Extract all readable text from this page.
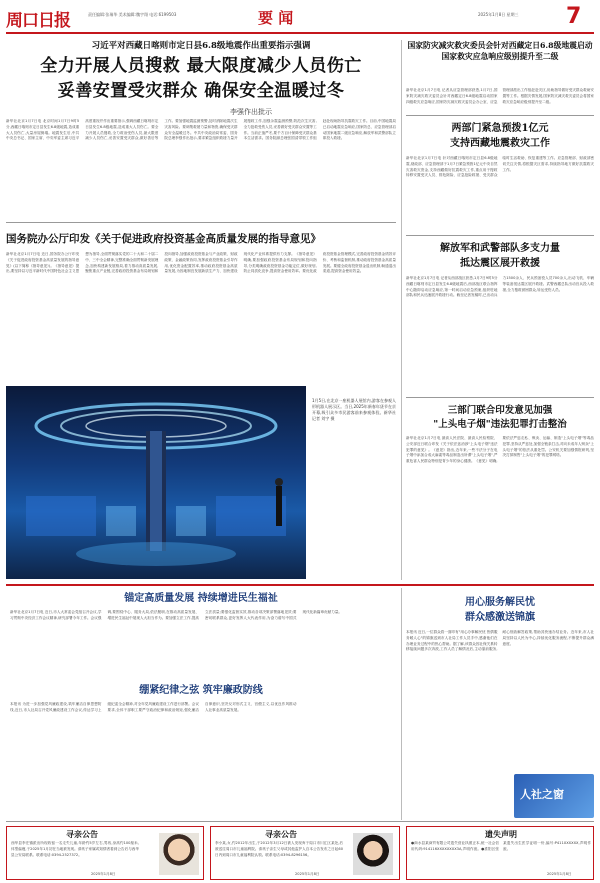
周口日报	责任编辑:张瑞华 美术编辑:魏宇翔 电话:6199503	要 闻	2025年1月8日 星期三 7
习近平对西藏日喀则市定日县6.8级地震作出重要指示强调
全力开展人员搜救 最大限度减少人员伤亡
妥善安置受灾群众 确保安全温暖过冬
李强作出批示
新华社北京1月7日电 北京时间1月7日9时5分,西藏日喀则市定日县发生6.8级地震,造成重大人员伤亡,大量房屋倒塌。地震发生后,中共中央总书记、国家主席、中央军委主席习近平高度重视并作出重要指示,强调西藏日喀则市定日县发生6.8级地震,造成重大人员伤亡。要全力开展人员搜救,全力救治受伤人员,最大限度减少人员伤亡,妥善安置受灾群众,做好善后等工作。要加强地震监测预警,及时消除地震次生灾害风险。要调集救援力量和物资,确保受灾群众安全温暖过冬。中共中央政治局常委、国务院总理李强作出批示,要求紧急组织救援力量开展搜救工作,加强余震监测预警,防范次生灾害,全力抢救受伤人员,妥善做好受灾群众安置等工作。当前正值严冬,要千方百计保障受灾群众基本生活需求。国务院副总理张国清带领工作组赶赴现场指导抗震救灾工作。目前,中国地震局已启动地震应急响应,国家防总、应急管理部启动国家地震二级应急响应,解放军和武警部队立即投入救援。
国家防灾减灾救灾委员会针对西藏定日6.8级地震启动国家救灾应急响应级别提升至二级
新华社北京1月7日电 记者从应急管理部获悉,1月7日,国家防灾减灾救灾委员会针对西藏定日6.8级地震启动国家四级救灾应急响应,国家防灾减灾救灾委员会办公室、应急管理部派出工作组赶赴灾区,协助指导做好受灾群众救助安置等工作。根据灾情发展,国家防灾减灾救灾委员会将国家救灾应急响应级别提升至二级。
两部门紧急预拨1亿元
支持西藏地震救灾工作
新华社北京1月7日电 针对西藏日喀则市定日县6.8级地震,财政部、应急管理部于1月7日紧急预拨1亿元中央自然灾害救灾资金,支持西藏做好抗震救灾工作,重点用于搜救转移安置受灾人员、排危除险、应急抢险救援、受灾群众临时生活救助、恢复重建等工作。应急管理部、财政部密切关注灾情,将根据灾区需求,持续指导地方做好抗震救灾工作。
解放军和武警部队多支力量
抵达震区展开救援
新华社北京1月7日电 记者从西部战区获悉,1月7日9时5分西藏日喀则市定日县发生6.8级地震后,西部战区联合指挥中心随即启动应急响应,第一时间启动应急预案,组织驻地部队和民兵迅速展开救援行动。截至记者发稿时,已出动兵力1500余人、民兵预备役人员700余人,出动飞机、车辆等装备抵达震区展开救援。武警西藏总队出动官兵投入救援,全力搜救被困群众,转运受伤人员。
国务院办公厅印发《关于促进政府投资基金高质量发展的指导意见》
新华社北京1月7日电 近日,国务院办公厅印发《关于促进政府投资基金高质量发展的指导意见》(以下简称《指导意见》)。《指导意见》提出,要坚持以习近平新时代中国特色社会主义思想为指导,全面贯彻落实党的二十大和二十届二中、三中全会精神,完整准确全面贯彻新发展理念,加快构建新发展格局,着力推动高质量发展,聚焦重点产业链,完善政府投资基金布局规划和投向指导,加强政府投资基金与产业政策、财政政策、金融政策协同,发挥政府投资基金引导作用,优化资金配置效率,推动政府投资基金高质量发展,为因地制宜发展新质生产力、加快建设现代化产业体系提供有力支撑。《指导意见》明确,要加强政府投资基金布局规划和投向指导,分类明确政府投资基金功能定位,做好规划,防止同质化竞争,提高资金使用效率。要优化政府投资基金管理模式,完善政府投资基金绩效评价、考核和监督机制,推动政府投资基金高质量发展。要健全政府投资基金退出机制,畅通退出渠道,提高资金使用效益。
1月5日,在北京一座机器人展馆内,游客在参观人形机器人展示区。当日,2025年新春年货节在京开幕,吸引众多市民游客前来参观体验。新华社记者 刘宇 摄
三部门联合印发意见加强
"上头电子烟"违法犯罪打击整治
新华社北京1月7日电 最高人民法院、最高人民检察院、公安部近日联合印发《关于依法惩治涉"上头电子烟"违法犯罪的意见》。《意见》指出,近年来,一些不法分子在电子烟中添加合成大麻素等毒品制造出所谓"上头电子烟",严重危害人民群众特别是青少年的身心健康。《意见》明确,要依法严惩走私、贩卖、运输、制造"上头电子烟"等毒品犯罪,坚持从严惩处,加强全链条打击,对向未成年人贩卖"上头电子烟"的依法从重处罚。公安机关要加强情报研判,坚决打掉制售"上头电子烟"的犯罪网络。
锚定高质量发展 持续增进民生福祉
新华社北京1月7日电 近日,市人大常委会党组召开会议,学习贯彻中央经济工作会议精神,研究部署今年工作。会议强调,要围绕中心、服务大局,依法履职,在推动高质量发展、增进民生福祉中展现人大担当作为。要加强立法工作,提高立法质量;要强化监督实效,推动各项决策部署落地见效;要密切联系群众,更好发挥人大代表作用,为奋力谱写中国式现代化新篇章贡献力量。
绷紧纪律之弦 筑牢廉政防线
本报讯 为进一步加强党风廉政建设,筑牢廉洁自律思想防线,近日,市人社局召开党风廉政建设工作会议,传达学习上级纪委全会精神,对全年党风廉政建设工作进行部署。会议要求,全体干部职工要严守政治纪律和政治规矩,强化廉洁自律意识,坚决反对形式主义、官僚主义,以优良作风推动人社事业高质量发展。
用心服务解民忧
群众感激送锦旗
本报讯 近日,一位群众将一面印有"用心办事解民忧 热情服务暖人心"的锦旗送到市人社局工作人员手中,感谢他们在办理业务过程中的热心帮助。据了解,该群众因社保关系转移接续问题多次奔波,工作人员了解情况后,主动靠前服务,耐心细致解答政策,帮助其快速办结业务。近年来,市人社局坚持以人民为中心,持续优化服务流程,不断提升群众满意度。
人社之窗
寻亲公告
西华县李庄镇派出所现收留一名走失儿童,年龄约5岁左右,男孩,身高约100厘米,体型偏瘦,于2025年1月初在当地被发现。请孩子家属或知情者看到公告后与西华县公安局联系。联系电话:0394-2527372。
2025年1月8日
寻亲公告
李小某,女,约2012年出生,于2012年3月12日被人发现弃于周口市川汇区某处,后被送往周口市儿童福利院。请孩子亲生父母或其他监护人自本公告发布之日起60日内到周口市儿童福利院认领。联系电话:0394-8296156。
2025年1月8日
遗失声明
●商水县某商贸有限公司遗失营业执照正本,统一社会信用代码:914116XXXXXXXX3A,声明作废。●淮阳区张某遗失出生医学证明一份,编号:P411XXXXXX,声明作废。
2025年1月8日
